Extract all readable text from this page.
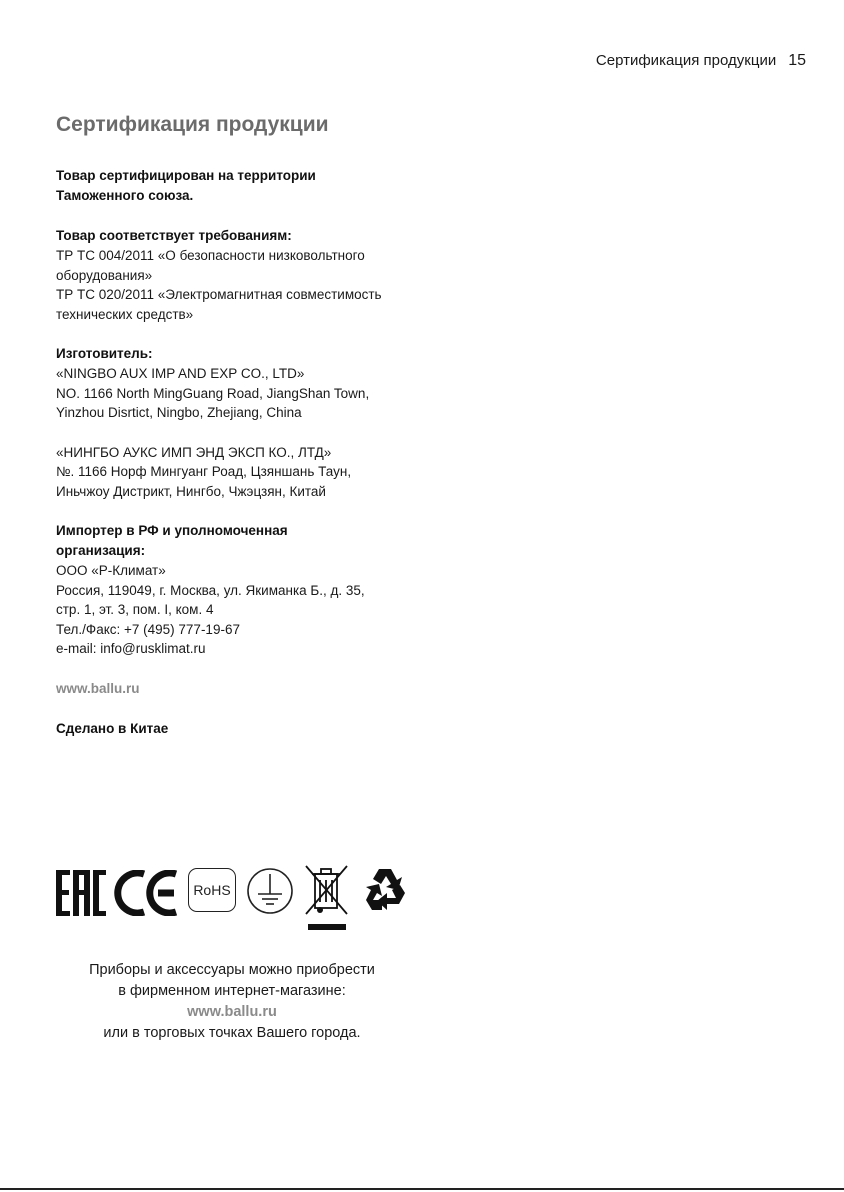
Сертификация продукции 15
Сертификация продукции
Товар сертифицирован на территории
Таможенного союза.
Товар соответствует требованиям:
ТР ТС 004/2011 «О безопасности низковольтного
оборудования»
ТР ТС 020/2011 «Электромагнитная совместимость
технических средств»
Изготовитель:
«NINGBO AUX IMP AND EXP CO., LTD»
NO. 1166 North MingGuang Road, JiangShan Town,
Yinzhou Disrtict, Ningbo, Zhejiang, China
«НИНГБО АУКС ИМП ЭНД ЭКСП КО., ЛТД»
№. 1166 Норф Мингуанг Роад, Цзяншань Таун,
Иньчжоу Дистрикт, Нингбо, Чжэцзян, Китай
Импортер в РФ и уполномоченная
организация:
ООО «Р-Климат»
Россия, 119049, г. Москва, ул. Якиманка Б., д. 35,
стр. 1, эт. 3, пом. I, ком. 4
Тел./Факс: +7 (495) 777-19-67
e-mail: info@rusklimat.ru
www.ballu.ru
Сделано в Китае
RoHS
Приборы и аксессуары можно приобрести
в фирменном интернет-магазине:
www.ballu.ru
или в торговых точках Вашего города.
